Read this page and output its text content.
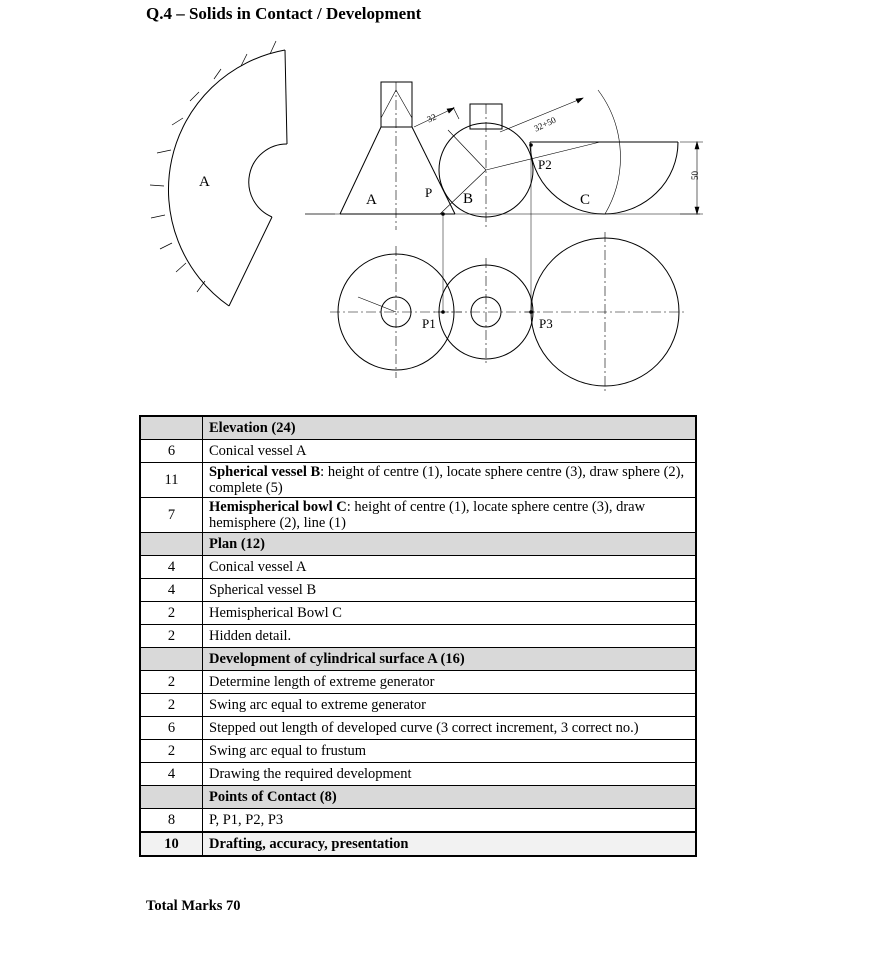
Q.4 – Solids in Contact / Development
A
A	P B	C
P2
P1	P3
32	32+50
50
	Elevation (24)
6	Conical vessel A
11	Spherical vessel B: height of centre (1), locate sphere centre (3), draw sphere (2), complete (5)
7	Hemispherical bowl C: height of centre (1), locate sphere centre (3), draw hemisphere (2), line (1)
	Plan (12)
4	Conical vessel A
4	Spherical vessel B
2	Hemispherical Bowl C
2	Hidden detail.
	Development of cylindrical surface A (16)
2	Determine length of extreme generator
2	Swing arc equal to extreme generator
6	Stepped out length of developed curve (3 correct increment, 3 correct no.)
2	Swing arc equal to frustum
4	Drawing the required development
	Points of Contact (8)
8	P, P1, P2, P3
10	Drafting, accuracy, presentation
Total Marks 70
